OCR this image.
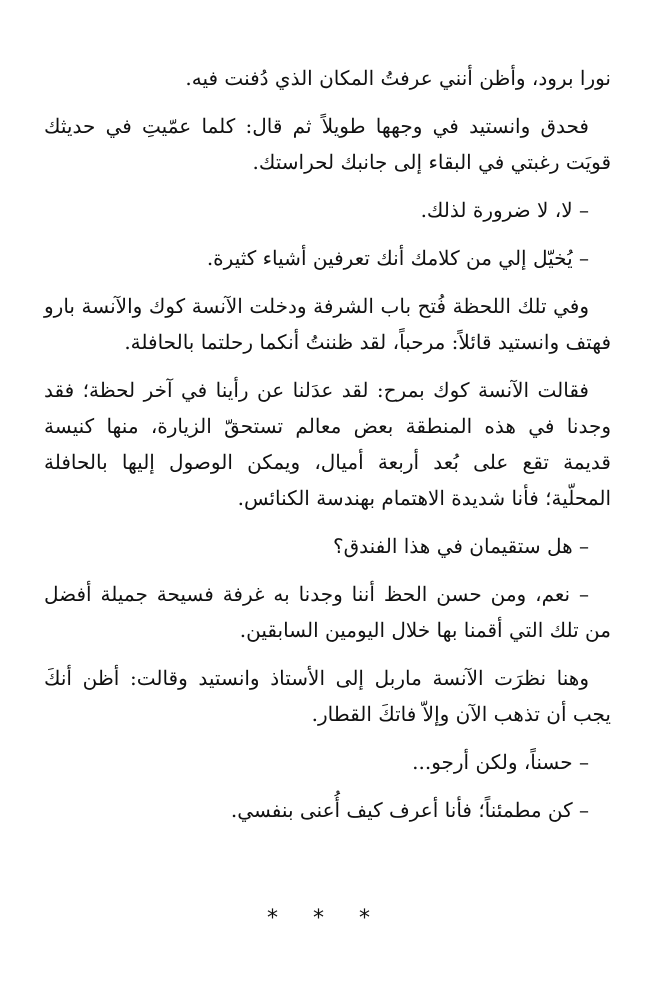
نورا برود، وأظن أنني عرفتُ المكان الذي دُفنت فيه.

فحدق وانستيد في وجهها طويلاً ثم قال: كلما عمّيتِ في حديثك قويَت رغبتي في البقاء إلى جانبك لحراستك.

– لا، لا ضرورة لذلك.

– يُخيّل إلي من كلامك أنك تعرفين أشياء كثيرة.

وفي تلك اللحظة فُتح باب الشرفة ودخلت الآنسة كوك والآنسة بارو فهتف وانستيد قائلاً: مرحباً، لقد ظننتُ أنكما رحلتما بالحافلة.

فقالت الآنسة كوك بمرح: لقد عدَلنا عن رأينا في آخر لحظة؛ فقد وجدنا في هذه المنطقة بعض معالم تستحقّ الزيارة، منها كنيسة قديمة تقع على بُعد أربعة أميال، ويمكن الوصول إليها بالحافلة المحلّية؛ فأنا شديدة الاهتمام بهندسة الكنائس.

– هل ستقيمان في هذا الفندق؟

– نعم، ومن حسن الحظ أننا وجدنا به غرفة فسيحة جميلة أفضل من تلك التي أقمنا بها خلال اليومين السابقين.

وهنا نظرَت الآنسة ماربل إلى الأستاذ وانستيد وقالت: أظن أنكَ يجب أن تذهب الآن وإلاّ فاتكَ القطار.

– حسناً، ولكن أرجو...

– كن مطمئناً؛ فأنا أعرف كيف أُعنى بنفسي.

* * *
